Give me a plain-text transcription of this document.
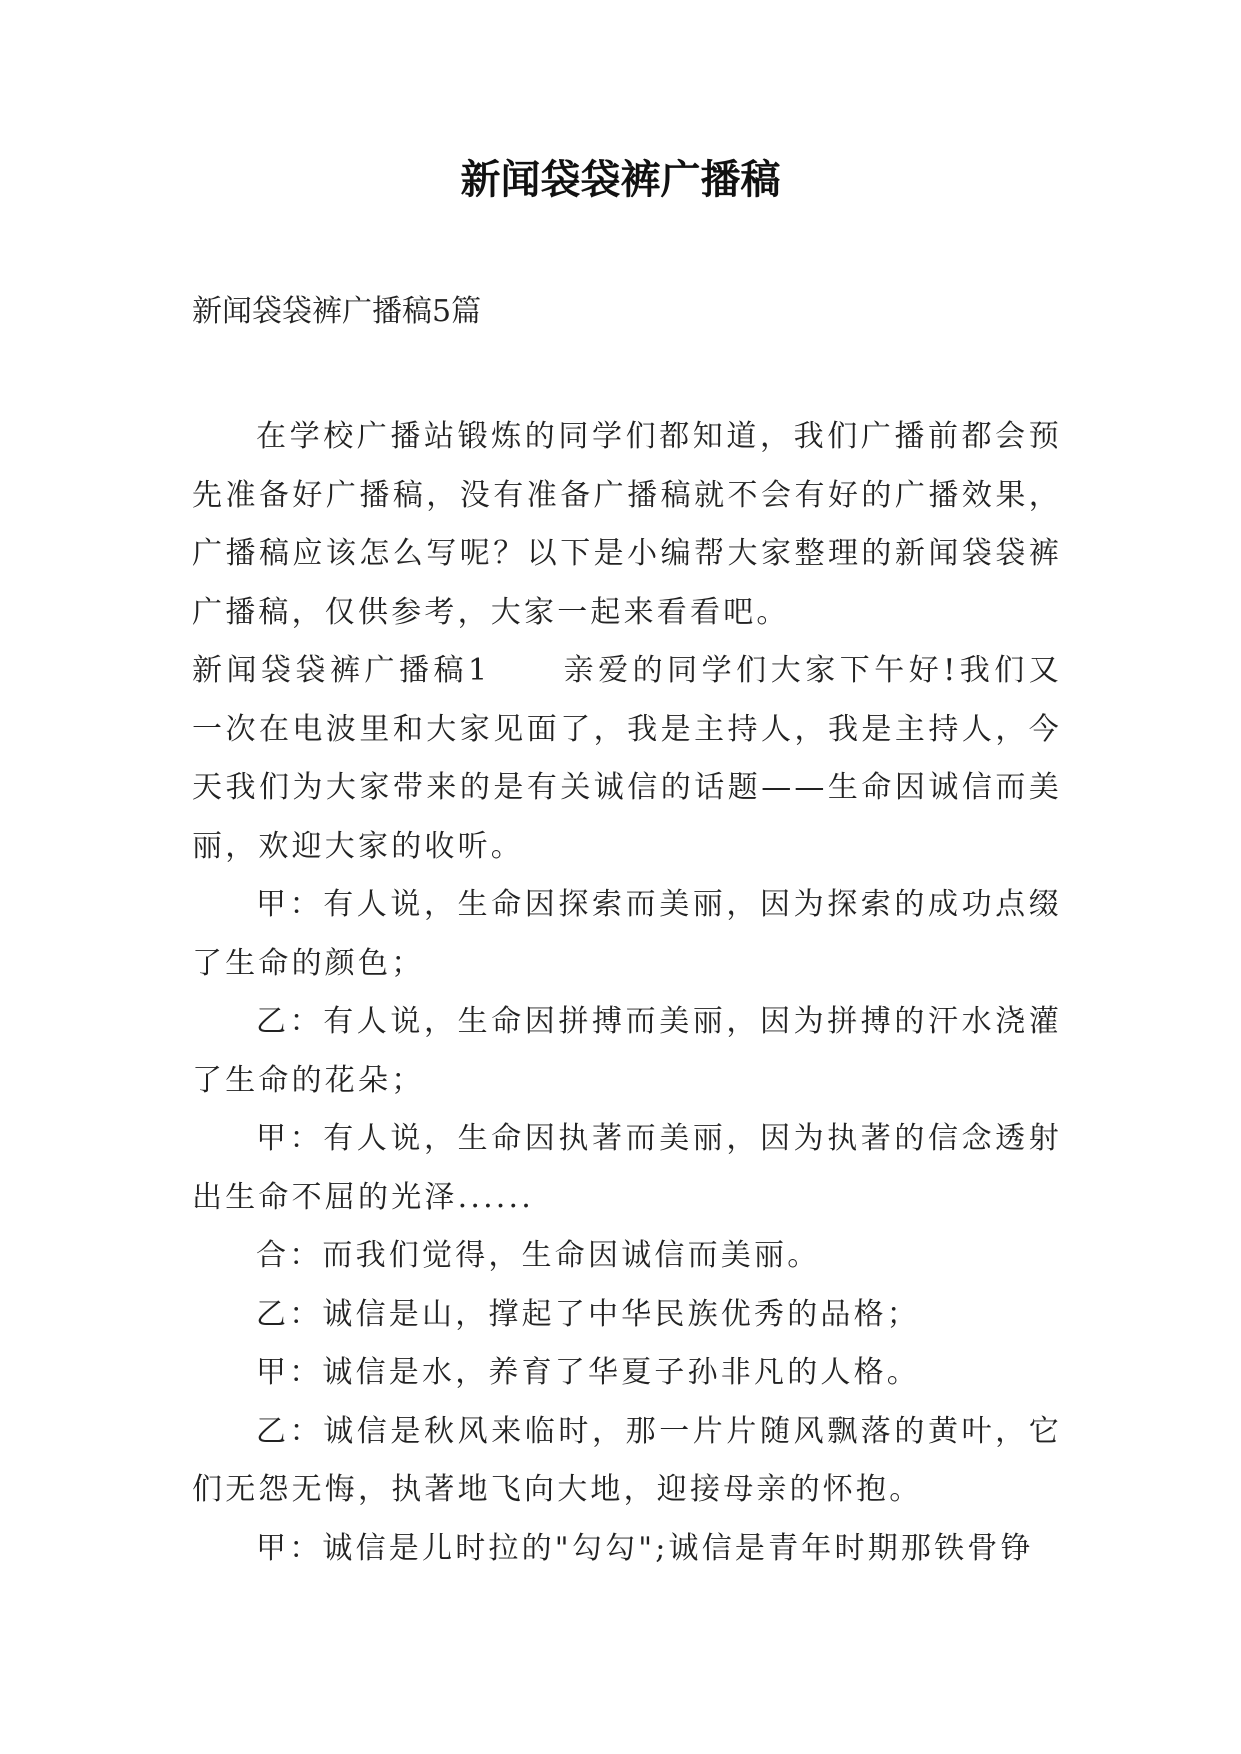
新闻袋袋裤广播稿
新闻袋袋裤广播稿5篇

在学校广播站锻炼的同学们都知道，我们广播前都会预先准备好广播稿，没有准备广播稿就不会有好的广播效果，广播稿应该怎么写呢？以下是小编帮大家整理的新闻袋袋裤广播稿，仅供参考，大家一起来看看吧。

新闻袋袋裤广播稿1 亲爱的同学们大家下午好!我们又一次在电波里和大家见面了，我是主持人，我是主持人，今天我们为大家带来的是有关诚信的话题——生命因诚信而美丽，欢迎大家的收听。

甲：有人说，生命因探索而美丽，因为探索的成功点缀了生命的颜色；

乙：有人说，生命因拼搏而美丽，因为拼搏的汗水浇灌了生命的花朵；

甲：有人说，生命因执著而美丽，因为执著的信念透射出生命不屈的光泽......

合：而我们觉得，生命因诚信而美丽。

乙：诚信是山，撑起了中华民族优秀的品格；

甲：诚信是水，养育了华夏子孙非凡的人格。

乙：诚信是秋风来临时，那一片片随风飘落的黄叶，它们无怨无悔，执著地飞向大地，迎接母亲的怀抱。

甲：诚信是儿时拉的"勾勾";诚信是青年时期那铁骨铮
